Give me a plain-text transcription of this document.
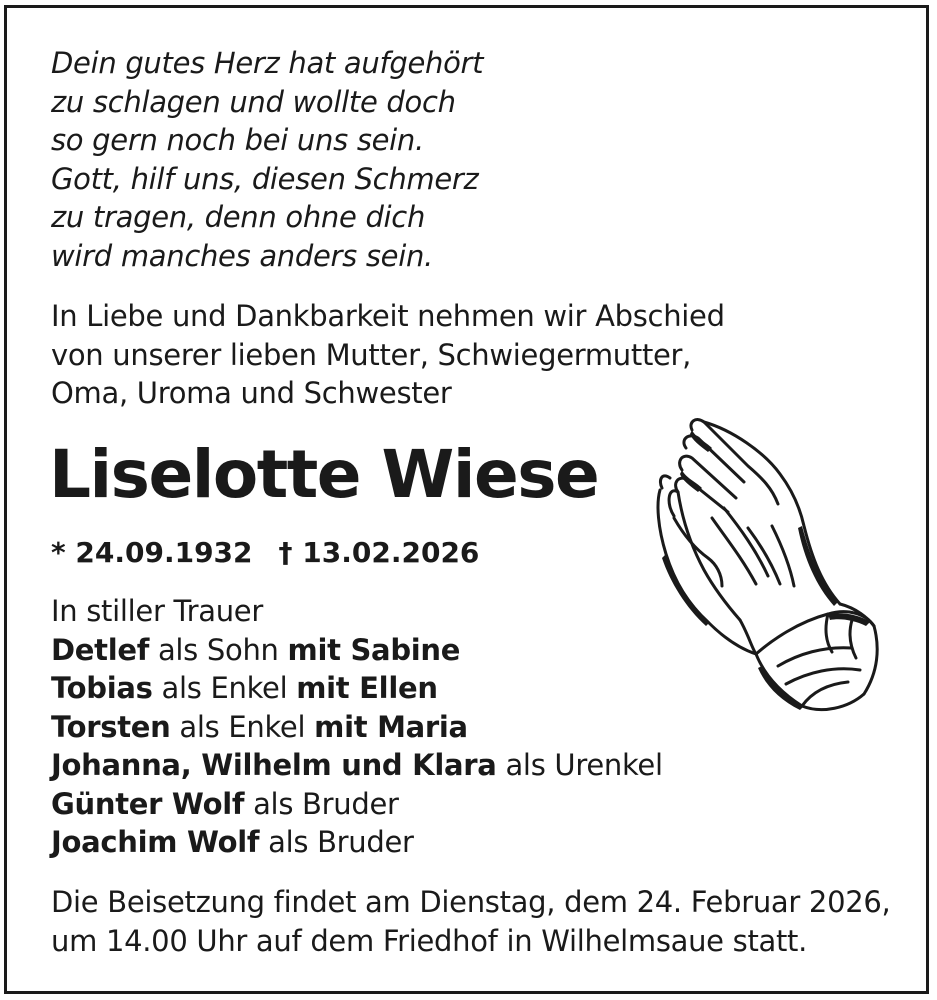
Dein gutes Herz hat aufgehört
zu schlagen und wollte doch
so gern noch bei uns sein.
Gott, hilf uns, diesen Schmerz
zu tragen, denn ohne dich
wird manches anders sein.
In Liebe und Dankbarkeit nehmen wir Abschied
von unserer lieben Mutter, Schwiegermutter,
Oma, Uroma und Schwester
Liselotte Wiese
* 24.09.1932 † 13.02.2026
In stiller Trauer
Detlef als Sohn mit Sabine
Tobias als Enkel mit Ellen
Torsten als Enkel mit Maria
Johanna, Wilhelm und Klara als Urenkel
Günter Wolf als Bruder
Joachim Wolf als Bruder
Die Beisetzung findet am Dienstag, dem 24. Februar 2026,
um 14.00 Uhr auf dem Friedhof in Wilhelmsaue statt.
